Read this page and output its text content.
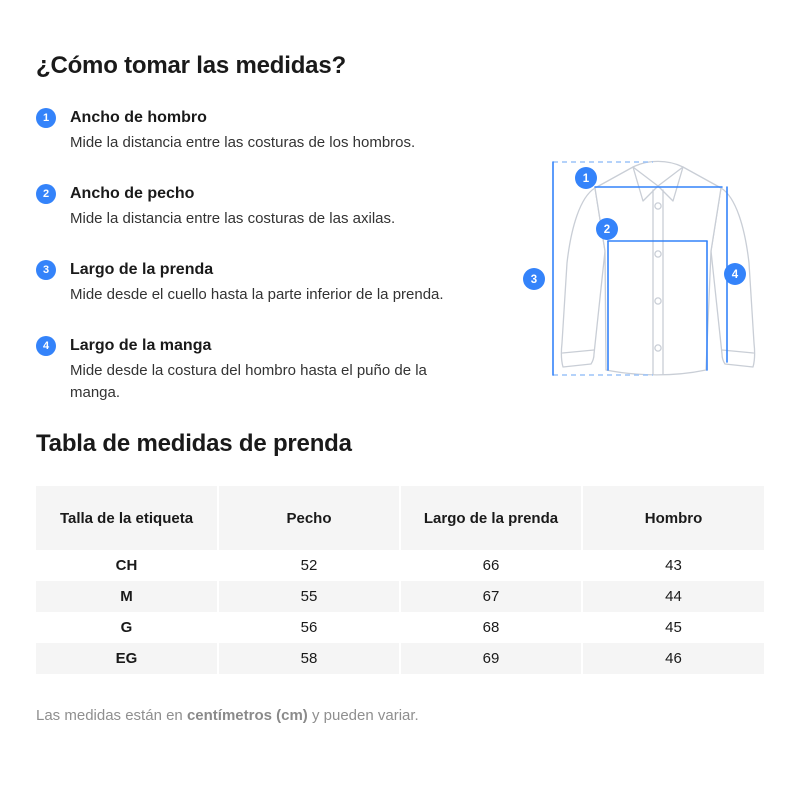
¿Cómo tomar las medidas?
1	Ancho de hombro
Mide la distancia entre las costuras de los hombros.
2	Ancho de pecho
Mide la distancia entre las costuras de las axilas.
3	Largo de la prenda
Mide desde el cuello hasta la parte inferior de la prenda.
4	Largo de la manga
Mide desde la costura del hombro hasta el puño de la manga.
1
2
3	4
Tabla de medidas de prenda
Talla de la etiqueta	Pecho	Largo de la prenda	Hombro
CH	52	66	43
M	55	67	44
G	56	68	45
EG	58	69	46

Las medidas están en centímetros (cm) y pueden variar.
